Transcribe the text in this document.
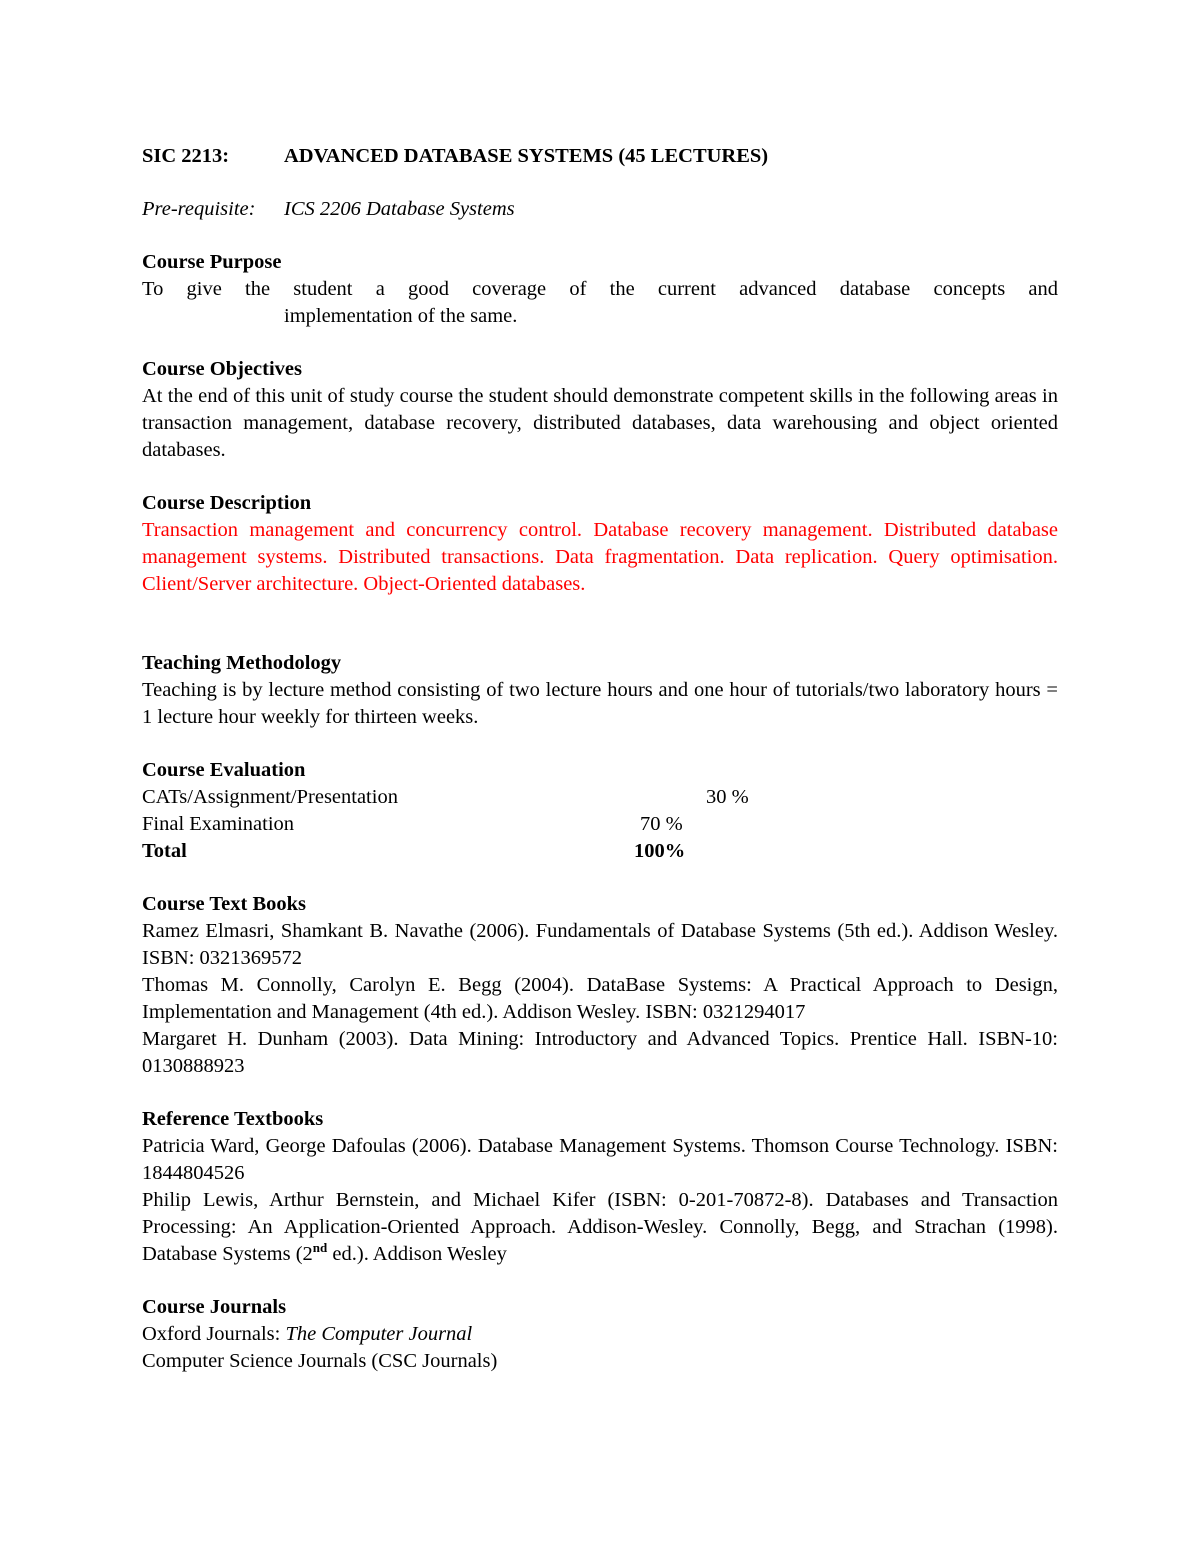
SIC 2213:	ADVANCED DATABASE SYSTEMS (45 LECTURES)
Pre-requisite:	ICS 2206 Database Systems
Course Purpose
To give the student a good coverage of the current advanced database concepts and
implementation of the same.
Course Objectives
At the end of this unit of study course the student should demonstrate competent skills in the following areas in transaction management, database recovery, distributed databases, data warehousing and object oriented databases.
Course Description
Transaction management and concurrency control. Database recovery management. Distributed database management systems. Distributed transactions. Data fragmentation. Data replication. Query optimisation. Client/Server architecture. Object-Oriented databases.
Teaching Methodology
Teaching is by lecture method consisting of two lecture hours and one hour of tutorials/two laboratory hours = 1 lecture hour weekly for thirteen weeks.
Course Evaluation
CATs/Assignment/Presentation	30 %
Final Examination	70 %
Total	100%
Course Text Books
Ramez Elmasri, Shamkant B. Navathe (2006). Fundamentals of Database Systems (5th ed.). Addison Wesley. ISBN: 0321369572
Thomas M. Connolly, Carolyn E. Begg (2004). DataBase Systems: A Practical Approach to Design, Implementation and Management (4th ed.). Addison Wesley. ISBN: 0321294017
Margaret H. Dunham (2003). Data Mining: Introductory and Advanced Topics. Prentice Hall. ISBN-10: 0130888923
Reference Textbooks
Patricia Ward, George Dafoulas (2006). Database Management Systems. Thomson Course Technology. ISBN: 1844804526
Philip Lewis, Arthur Bernstein, and Michael Kifer (ISBN: 0-201-70872-8). Databases and Transaction Processing: An Application-Oriented Approach. Addison-Wesley. Connolly, Begg, and Strachan (1998). Database Systems (2nd ed.). Addison Wesley
Course Journals
Oxford Journals: The Computer Journal
Computer Science Journals (CSC Journals)
